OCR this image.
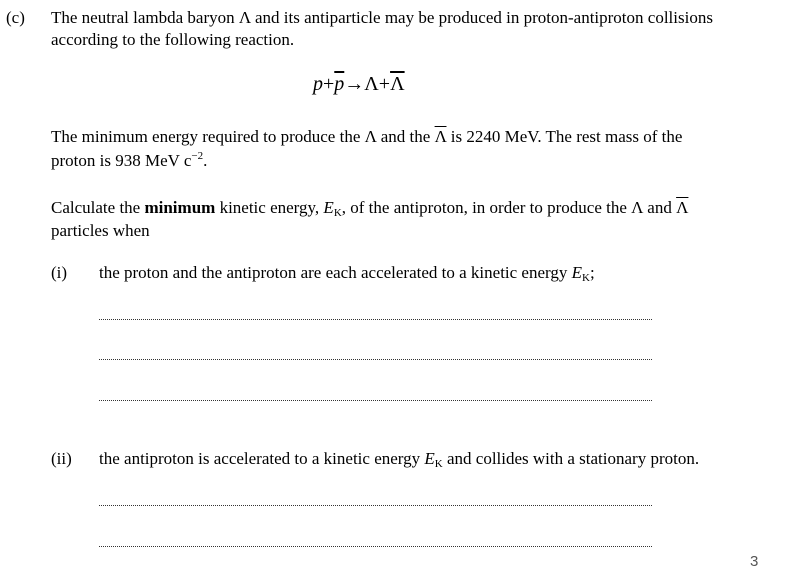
(c) The neutral lambda baryon Λ and its antiparticle may be produced in proton-antiproton collisions
according to the following reaction.
$p+\overline{p}\to\Lambda+\overline{\Lambda}$
The minimum energy required to produce the Λ and the $\overline{\Lambda}$ is 2240 MeV. The rest mass of the
proton is 938 MeV $c^{-2}$.
Calculate the minimum kinetic energy, $E_K$, of the antiproton, in order to produce the Λ and $\overline{\Lambda}$
particles when
(i) the proton and the antiproton are each accelerated to a kinetic energy $E_K$;
(ii) the antiproton is accelerated to a kinetic energy $E_K$ and collides with a stationary proton.
3
